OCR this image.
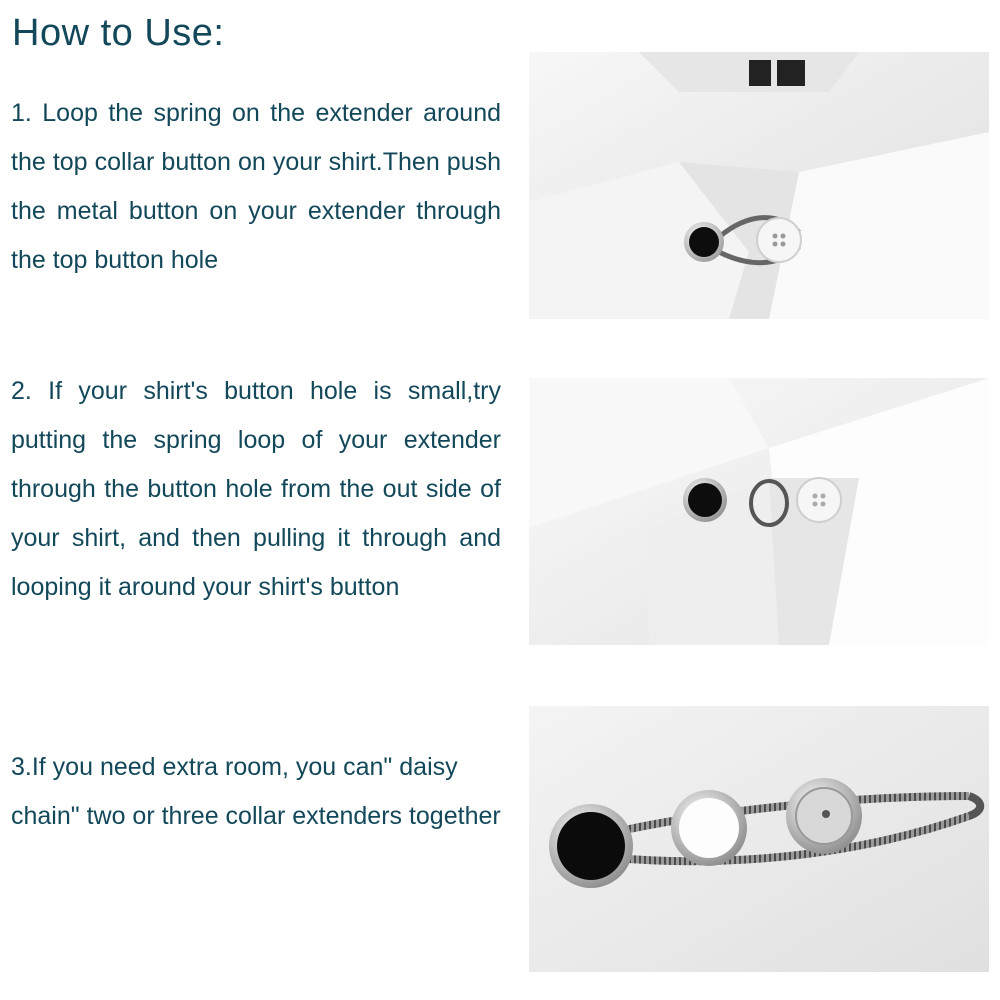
How to Use:

1. Loop the spring on the extender around the top collar button on your shirt.Then push the metal button on your extender through the top button hole

2. If your shirt's button hole is small,try putting the spring loop of your extender through the button hole from the out side of your shirt, and then pulling it through and looping it around your shirt's button

3.If you need extra room, you can" daisy chain" two or three collar extenders together
